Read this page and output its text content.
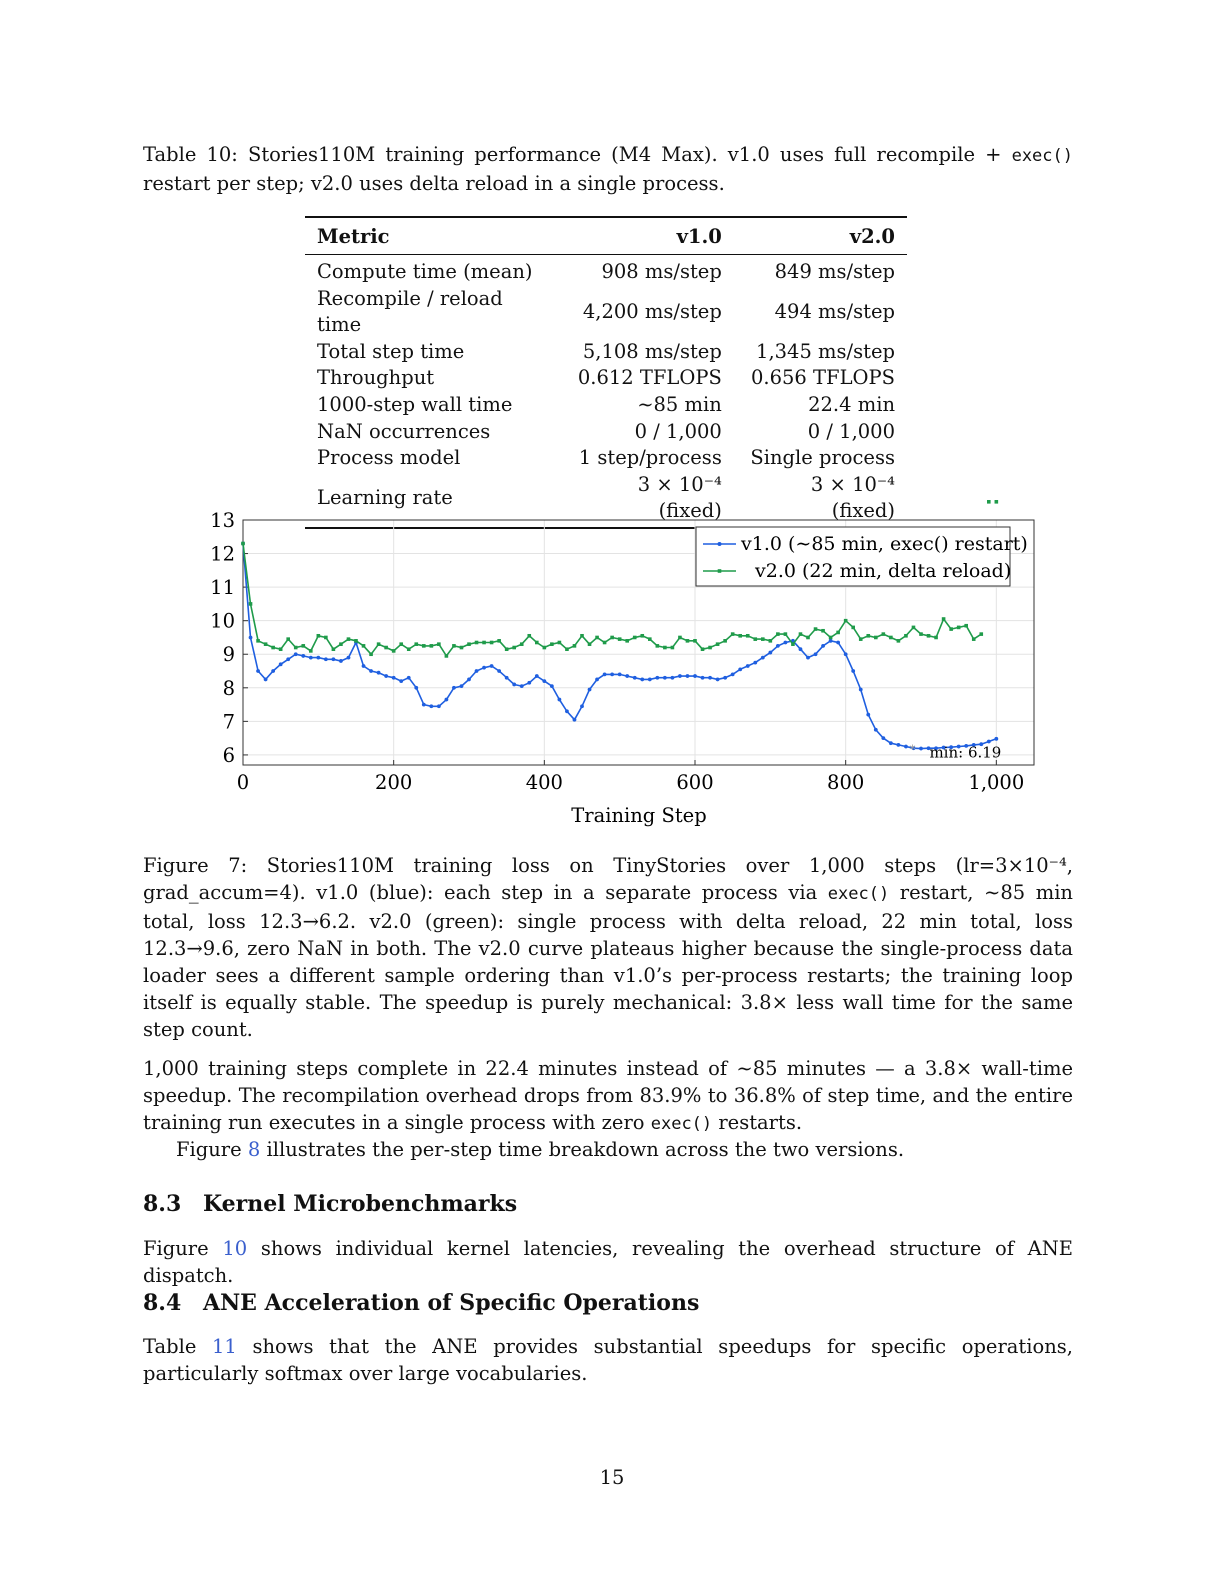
Table 10: Stories110M training performance (M4 Max). v1.0 uses full recompile + exec() restart per step; v2.0 uses delta reload in a single process.
Metric	v1.0	v2.0
Compute time (mean)	908 ms/step	849 ms/step
Recompile / reload time	4,200 ms/step	494 ms/step
Total step time	5,108 ms/step	1,345 ms/step
Throughput	0.612 TFLOPS	0.656 TFLOPS
1000-step wall time	∼85 min	22.4 min
NaN occurrences	0 / 1,000	0 / 1,000
Process model	1 step/process	Single process
Learning rate	3 × 10⁻⁴ (fixed)	3 × 10⁻⁴ (fixed)
0	200	400	600	800	1,000
6
7
8
9
10
11
12
13
* min: 6.19
v1.0 (∼85 min, exec() restart)
v2.0 (22 min, delta reload)
Training Step
Figure 7: Stories110M training loss on TinyStories over 1,000 steps (lr=3×10⁻⁴, grad_accum=4). v1.0 (blue): each step in a separate process via exec() restart, ∼85 min total, loss 12.3→6.2. v2.0 (green): single process with delta reload, 22 min total, loss 12.3→9.6, zero NaN in both. The v2.0 curve plateaus higher because the single-process data loader sees a different sample ordering than v1.0’s per-process restarts; the training loop itself is equally stable. The speedup is purely mechanical: 3.8× less wall time for the same step count.
1,000 training steps complete in 22.4 minutes instead of ∼85 minutes — a 3.8× wall-time speedup. The recompilation overhead drops from 83.9% to 36.8% of step time, and the entire training run executes in a single process with zero exec() restarts.
Figure 8 illustrates the per-step time breakdown across the two versions.
8.3 Kernel Microbenchmarks
Figure 10 shows individual kernel latencies, revealing the overhead structure of ANE dispatch.
8.4 ANE Acceleration of Specific Operations
Table 11 shows that the ANE provides substantial speedups for specific operations, particularly softmax over large vocabularies.
15
